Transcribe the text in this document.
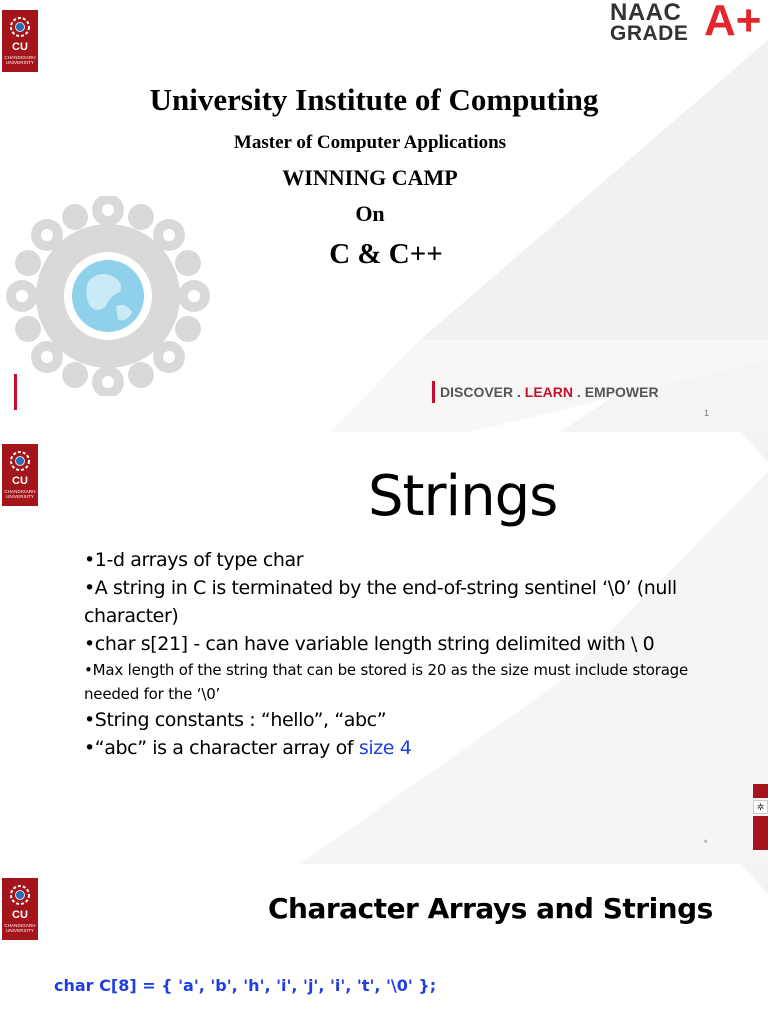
CU
CHANDIGARH UNIVERSITY
NAAC
GRADE A+
University Institute of Computing
Master of Computer Applications
WINNING CAMP
On
C & C++
DISCOVER . LEARN . EMPOWER
1
CU
CHANDIGARH UNIVERSITY	Strings
•1-d arrays of type char
•A string in C is terminated by the end-of-string sentinel ‘\0’ (null character)
•char s[21] - can have variable length string delimited with \ 0
•Max length of the string that can be stored is 20 as the size must include storage needed for the ‘\0’
•String constants : “hello”, “abc”
•“abc” is a character array of size 4
✲
*
CU
CHANDIGARH UNIVERSITY
Character Arrays and Strings
char C[8] = { 'a', 'b', 'h', 'i', 'j', 'i', 't', '\0' };
